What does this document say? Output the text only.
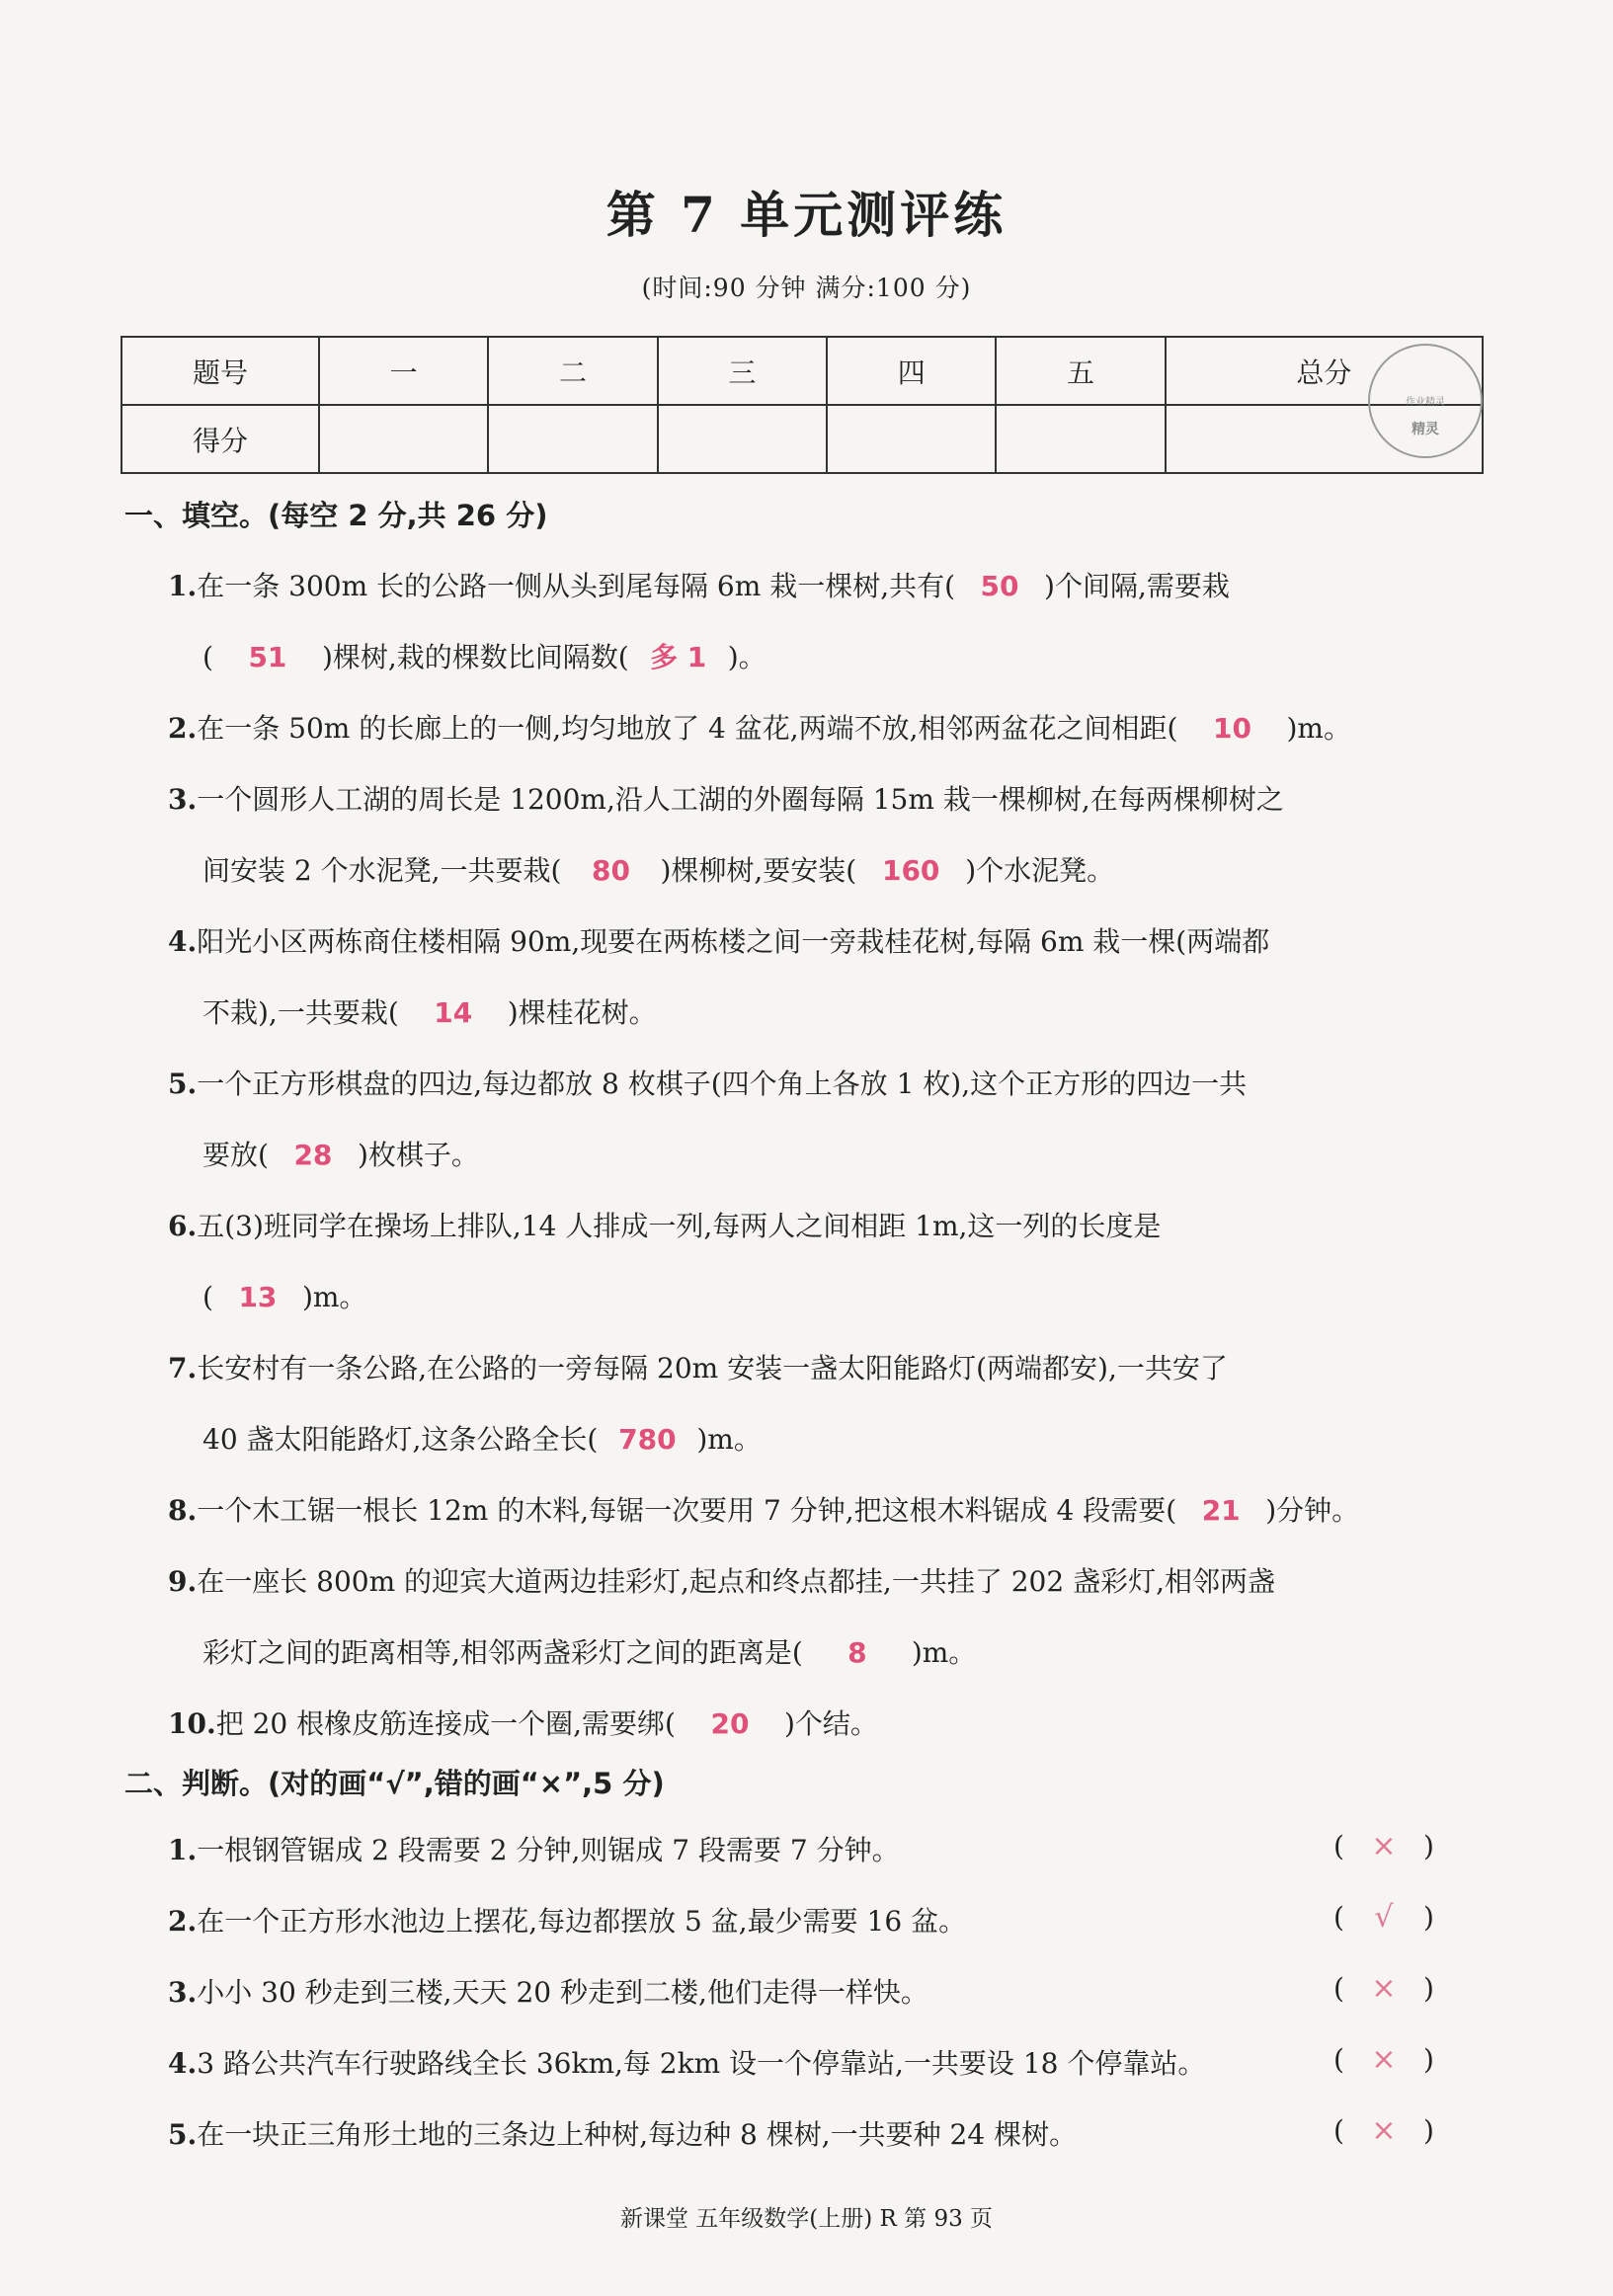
第 7 单元测评练
(时间:90 分钟 满分:100 分)
题号	一	二	三	四	五	总分
得分						
作业精灵
精灵
一、填空。(每空 2 分,共 26 分)
1.在一条 300m 长的公路一侧从头到尾每隔 6m 栽一棵树,共有( 50 )个间隔,需要栽
( 51 )棵树,栽的棵数比间隔数( 多 1 )。
2.在一条 50m 的长廊上的一侧,均匀地放了 4 盆花,两端不放,相邻两盆花之间相距( 10 )m。
3.一个圆形人工湖的周长是 1200m,沿人工湖的外圈每隔 15m 栽一棵柳树,在每两棵柳树之
间安装 2 个水泥凳,一共要栽( 80 )棵柳树,要安装( 160 )个水泥凳。
4.阳光小区两栋商住楼相隔 90m,现要在两栋楼之间一旁栽桂花树,每隔 6m 栽一棵(两端都
不栽),一共要栽( 14 )棵桂花树。
5.一个正方形棋盘的四边,每边都放 8 枚棋子(四个角上各放 1 枚),这个正方形的四边一共
要放( 28 )枚棋子。
6.五(3)班同学在操场上排队,14 人排成一列,每两人之间相距 1m,这一列的长度是
( 13 )m。
7.长安村有一条公路,在公路的一旁每隔 20m 安装一盏太阳能路灯(两端都安),一共安了
40 盏太阳能路灯,这条公路全长( 780 )m。
8.一个木工锯一根长 12m 的木料,每锯一次要用 7 分钟,把这根木料锯成 4 段需要( 21 )分钟。
9.在一座长 800m 的迎宾大道两边挂彩灯,起点和终点都挂,一共挂了 202 盏彩灯,相邻两盏
彩灯之间的距离相等,相邻两盏彩灯之间的距离是( 8 )m。
10.把 20 根橡皮筋连接成一个圈,需要绑( 20 )个结。
二、判断。(对的画“√”,错的画“×”,5 分)
1.一根钢管锯成 2 段需要 2 分钟,则锯成 7 段需要 7 分钟。	( × )
2.在一个正方形水池边上摆花,每边都摆放 5 盆,最少需要 16 盆。	( √ )
3.小小 30 秒走到三楼,天天 20 秒走到二楼,他们走得一样快。	( × )
4.3 路公共汽车行驶路线全长 36km,每 2km 设一个停靠站,一共要设 18 个停靠站。	( × )
5.在一块正三角形土地的三条边上种树,每边种 8 棵树,一共要种 24 棵树。	( × )
新课堂 五年级数学(上册) R 第 93 页
